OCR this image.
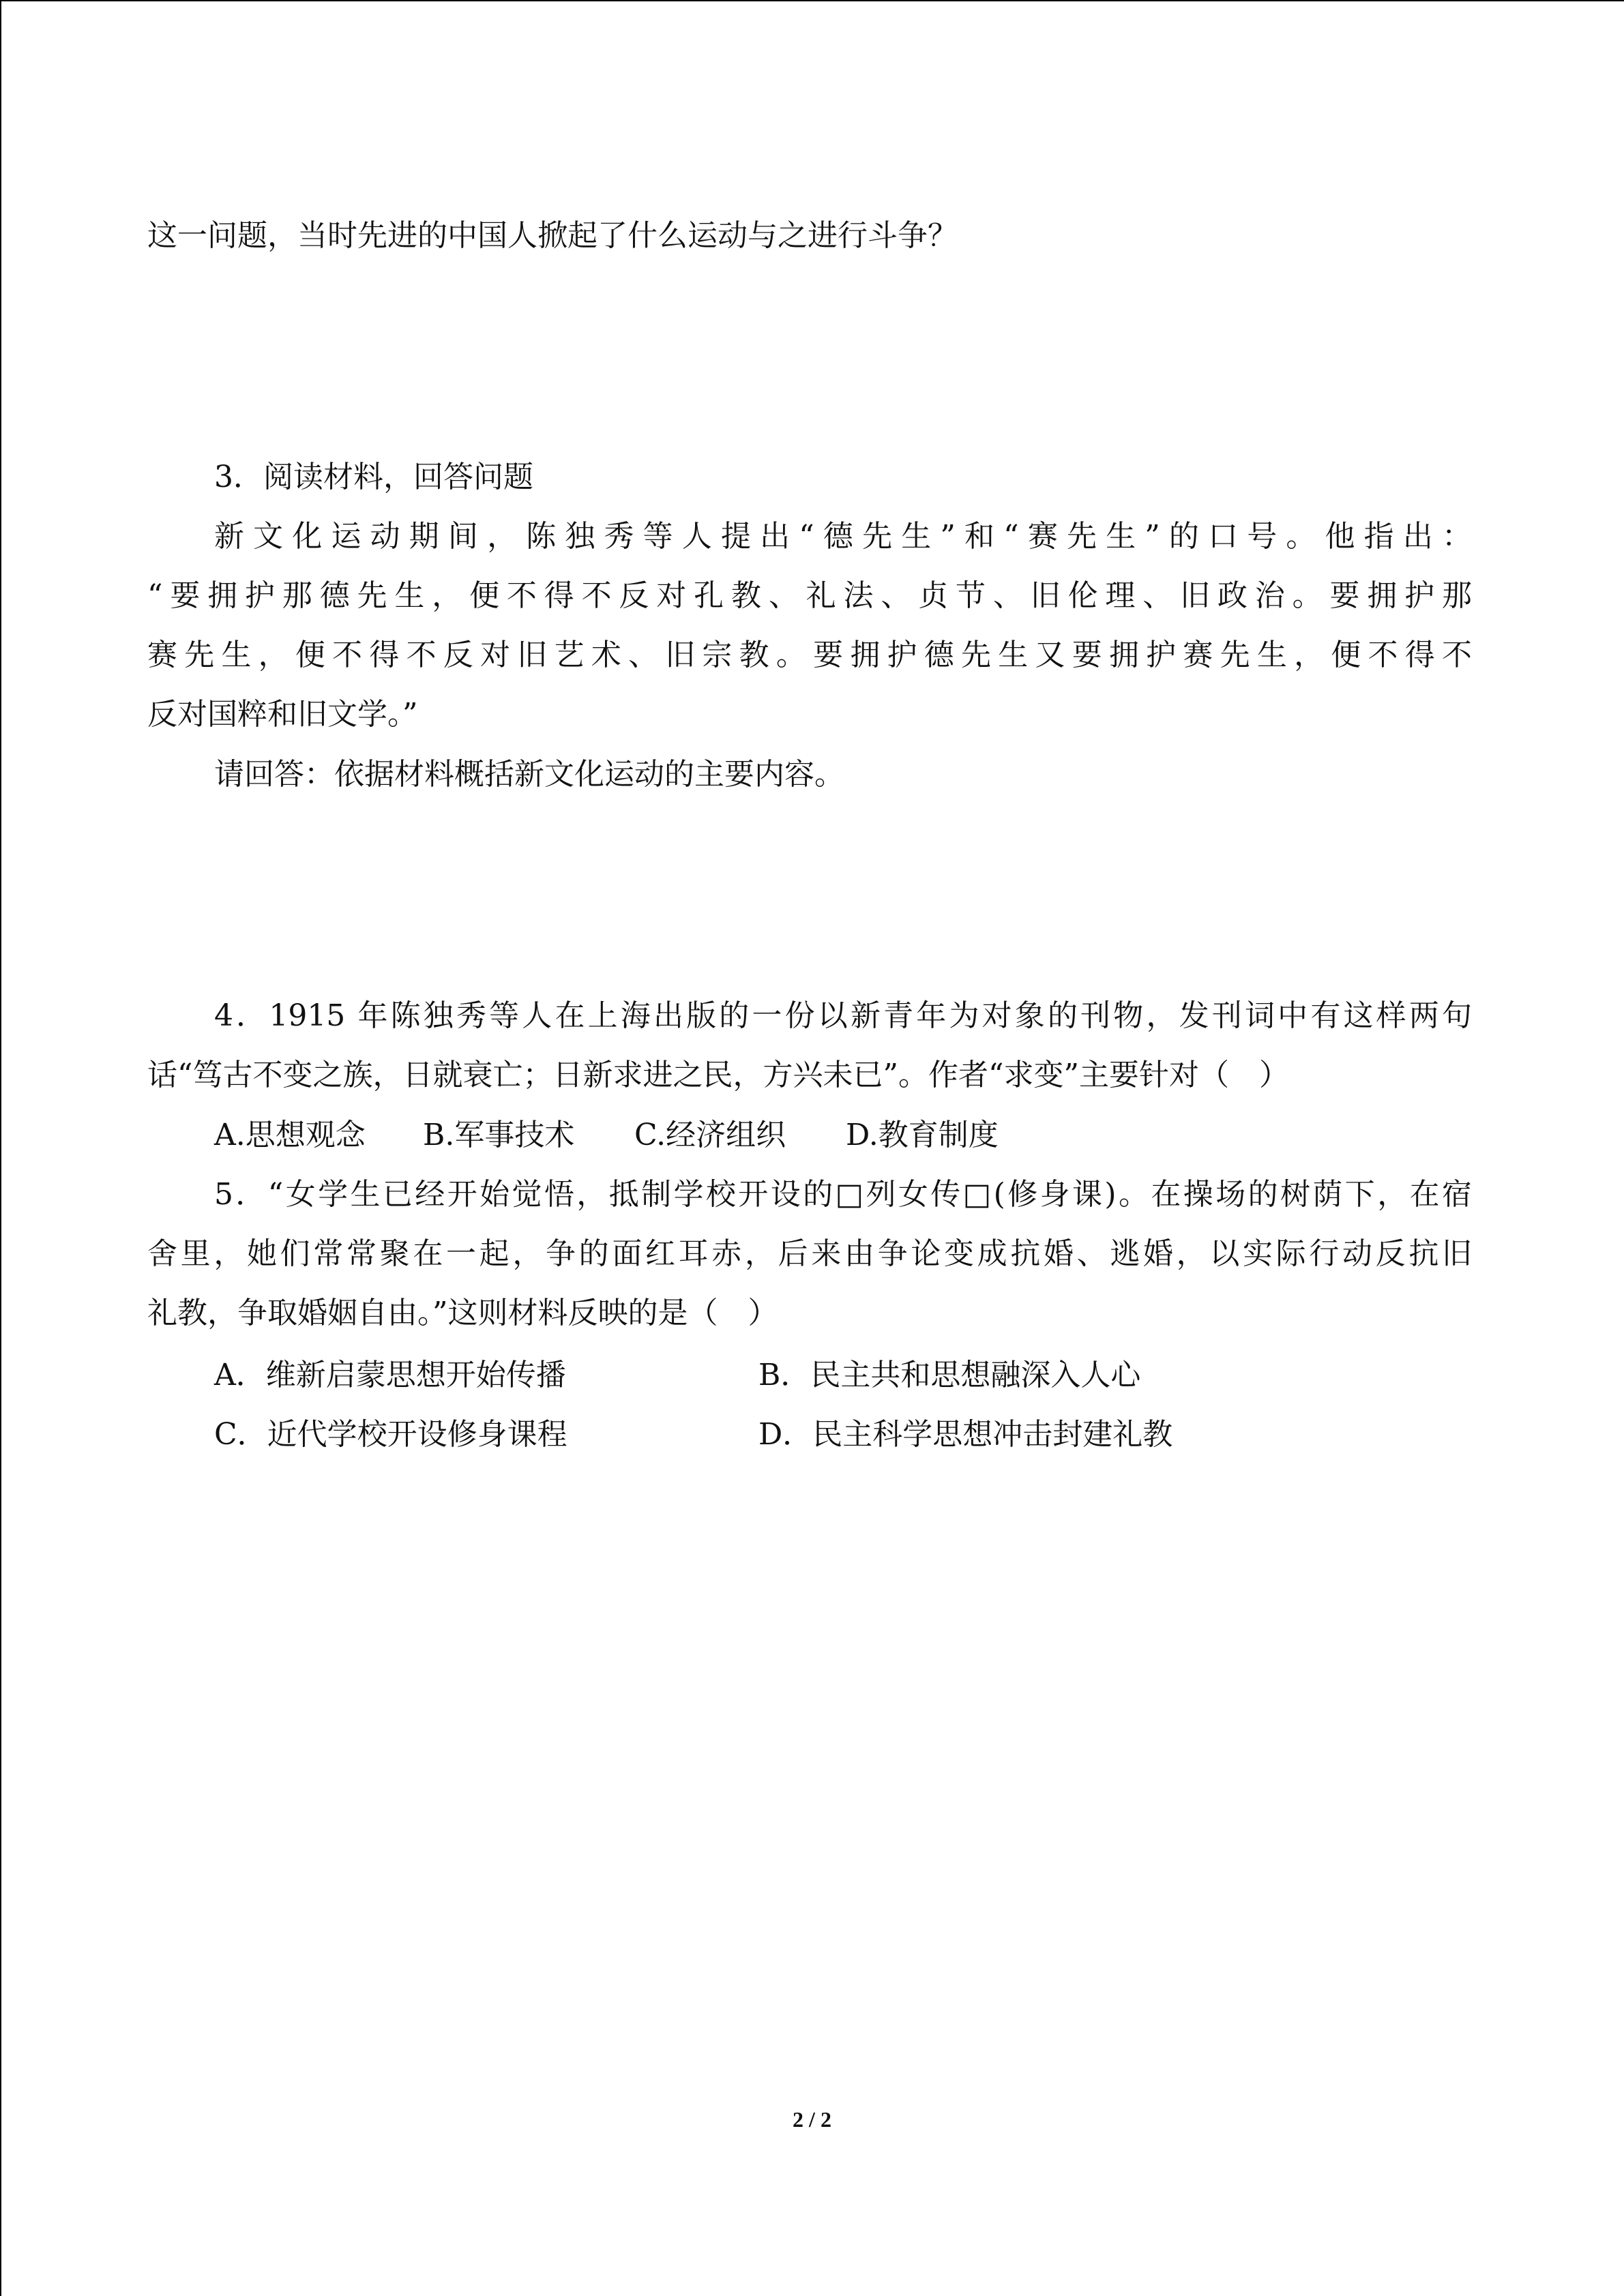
这一问题，当时先进的中国人掀起了什么运动与之进行斗争？
3．阅读材料，回答问题
新文化运动期间，陈独秀等人提出“德先生”和“赛先生”的口号。他指出：
“要拥护那德先生，便不得不反对孔教、礼法、贞节、旧伦理、旧政治。要拥护那
赛先生，便不得不反对旧艺术、旧宗教。要拥护德先生又要拥护赛先生，便不得不
反对国粹和旧文学。”
请回答：依据材料概括新文化运动的主要内容。
4．1915 年陈独秀等人在上海出版的一份以新青年为对象的刊物，发刊词中有这样两句
话“笃古不变之族，日就衰亡；日新求进之民，方兴未已”。作者“求变”主要针对（　）
A.思想观念 B.军事技术 C.经济组织 D.教育制度
5．“女学生已经开始觉悟，抵制学校开设的□列女传□(修身课)。在操场的树荫下，在宿
舍里，她们常常聚在一起，争的面红耳赤，后来由争论变成抗婚、逃婚，以实际行动反抗旧
礼教，争取婚姻自由。”这则材料反映的是（　）
A．维新启蒙思想开始传播	B．民主共和思想融深入人心
C．近代学校开设修身课程	D．民主科学思想冲击封建礼教
2 / 2
